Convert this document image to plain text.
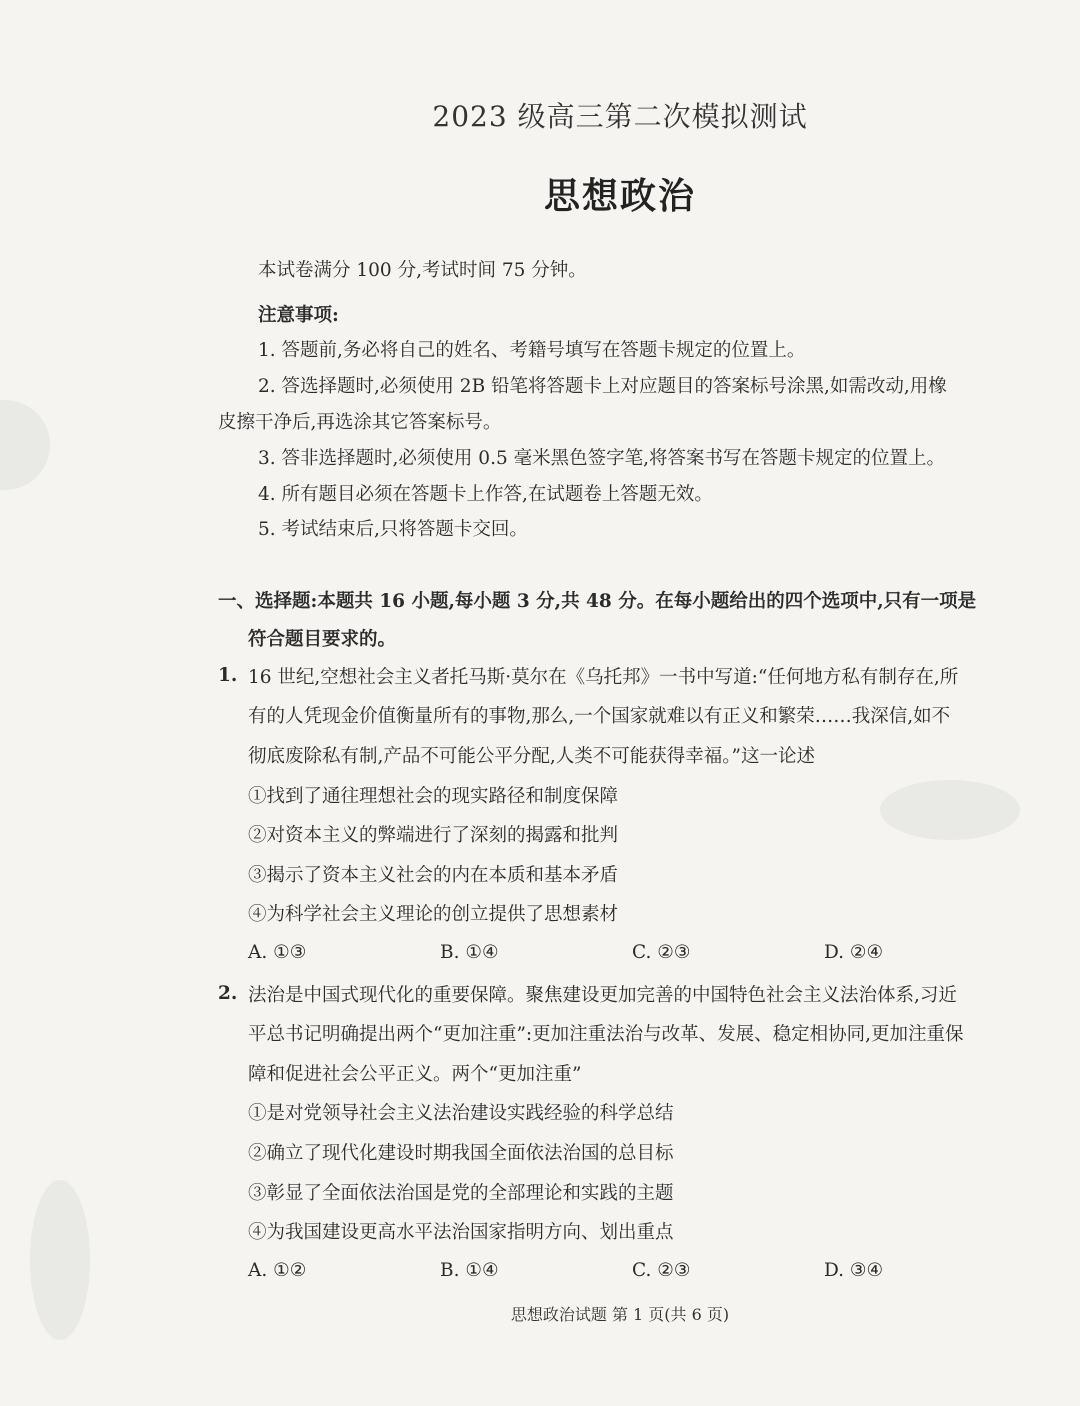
2023 级高三第二次模拟测试
思想政治
本试卷满分 100 分,考试时间 75 分钟。
注意事项:
1. 答题前,务必将自己的姓名、考籍号填写在答题卡规定的位置上。
2. 答选择题时,必须使用 2B 铅笔将答题卡上对应题目的答案标号涂黑,如需改动,用橡
皮擦干净后,再选涂其它答案标号。
3. 答非选择题时,必须使用 0.5 毫米黑色签字笔,将答案书写在答题卡规定的位置上。
4. 所有题目必须在答题卡上作答,在试题卷上答题无效。
5. 考试结束后,只将答题卡交回。
一、选择题:本题共 16 小题,每小题 3 分,共 48 分。在每小题给出的四个选项中,只有一项是
符合题目要求的。
1. 16 世纪,空想社会主义者托马斯·莫尔在《乌托邦》一书中写道:“任何地方私有制存在,所
有的人凭现金价值衡量所有的事物,那么,一个国家就难以有正义和繁荣……我深信,如不
彻底废除私有制,产品不可能公平分配,人类不可能获得幸福。”这一论述
①找到了通往理想社会的现实路径和制度保障
②对资本主义的弊端进行了深刻的揭露和批判
③揭示了资本主义社会的内在本质和基本矛盾
④为科学社会主义理论的创立提供了思想素材
A. ①③	B. ①④	C. ②③	D. ②④
2. 法治是中国式现代化的重要保障。聚焦建设更加完善的中国特色社会主义法治体系,习近
平总书记明确提出两个“更加注重”:更加注重法治与改革、发展、稳定相协同,更加注重保
障和促进社会公平正义。两个“更加注重”
①是对党领导社会主义法治建设实践经验的科学总结
②确立了现代化建设时期我国全面依法治国的总目标
③彰显了全面依法治国是党的全部理论和实践的主题
④为我国建设更高水平法治国家指明方向、划出重点
A. ①②	B. ①④	C. ②③	D. ③④
思想政治试题 第 1 页(共 6 页)
